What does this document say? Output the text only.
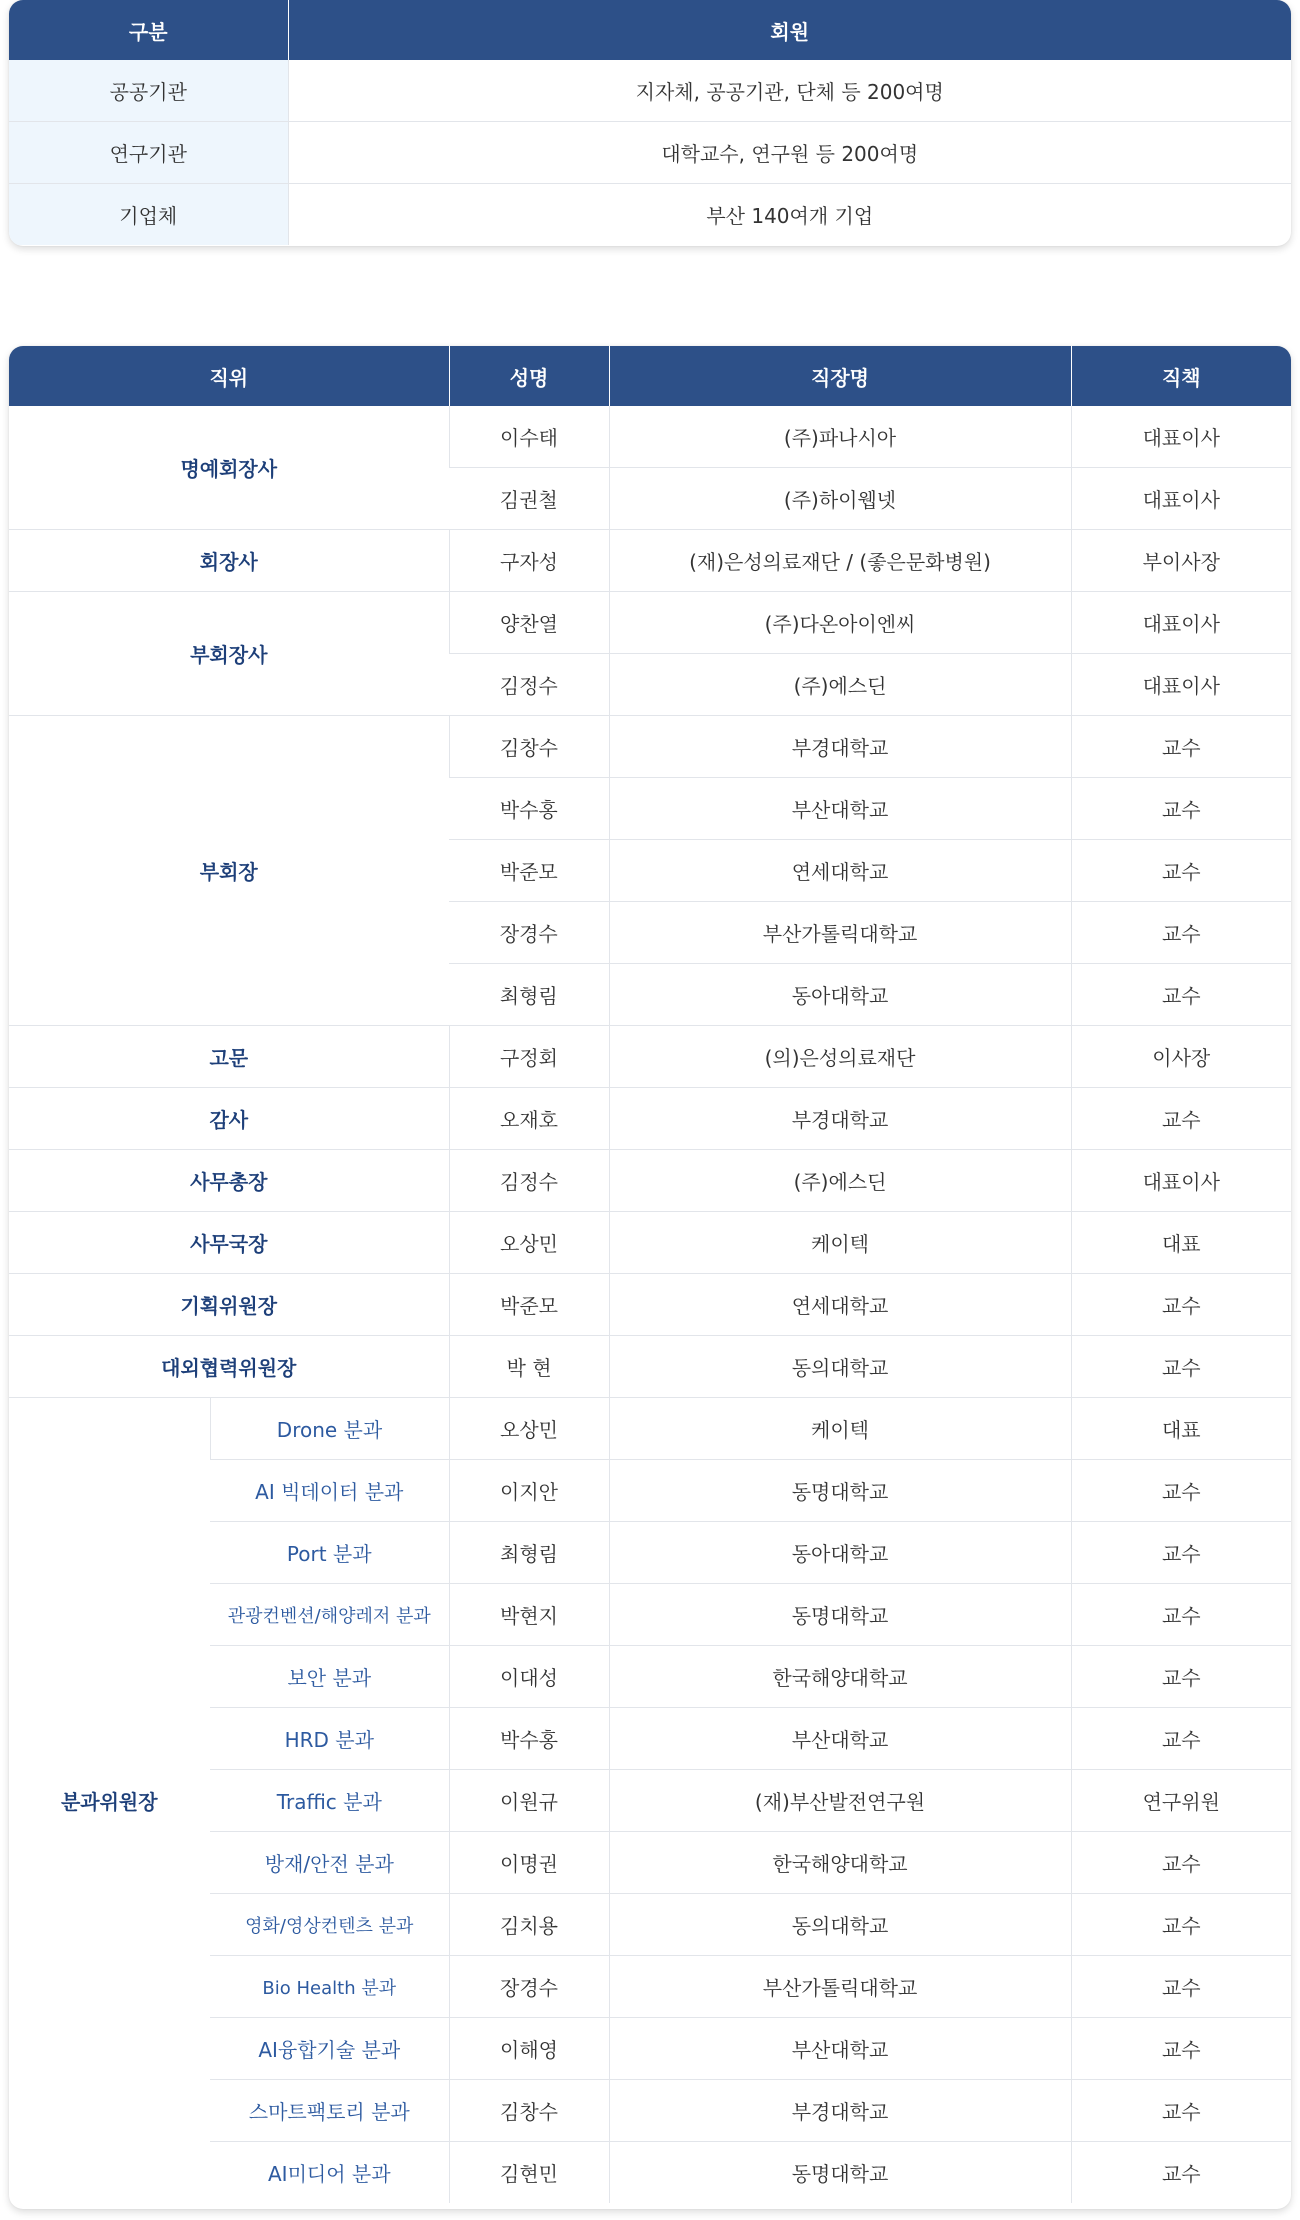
구분	회원
공공기관	지자체, 공공기관, 단체 등 200여명
연구기관	대학교수, 연구원 등 200여명
기업체	부산 140여개 기업
직위		성명	직장명	직책
명예회장사		이수태	(주)파나시아	대표이사
		김권철	(주)하이웹넷	대표이사
회장사		구자성	(재)은성의료재단 / (좋은문화병원)	부이사장
부회장사		양찬열	(주)다온아이엔씨	대표이사
		김정수	(주)에스딘	대표이사
부회장		김창수	부경대학교	교수
		박수홍	부산대학교	교수
		박준모	연세대학교	교수
		장경수	부산가톨릭대학교	교수
		최형림	동아대학교	교수
고문		구정회	(의)은성의료재단	이사장
감사		오재호	부경대학교	교수
사무총장		김정수	(주)에스딘	대표이사
사무국장		오상민	케이텍	대표
기획위원장		박준모	연세대학교	교수
대외협력위원장		박 현	동의대학교	교수
분과위원장	Drone 분과	오상민	케이텍	대표
	AI 빅데이터 분과	이지안	동명대학교	교수
	Port 분과	최형림	동아대학교	교수
	관광컨벤션/해양레저 분과	박현지	동명대학교	교수
	보안 분과	이대성	한국해양대학교	교수
	HRD 분과	박수홍	부산대학교	교수
	Traffic 분과	이원규	(재)부산발전연구원	연구위원
	방재/안전 분과	이명권	한국해양대학교	교수
	영화/영상컨텐츠 분과	김치용	동의대학교	교수
	Bio Health 분과	장경수	부산가톨릭대학교	교수
	AI융합기술 분과	이해영	부산대학교	교수
	스마트팩토리 분과	김창수	부경대학교	교수
	AI미디어 분과	김현민	동명대학교	교수
